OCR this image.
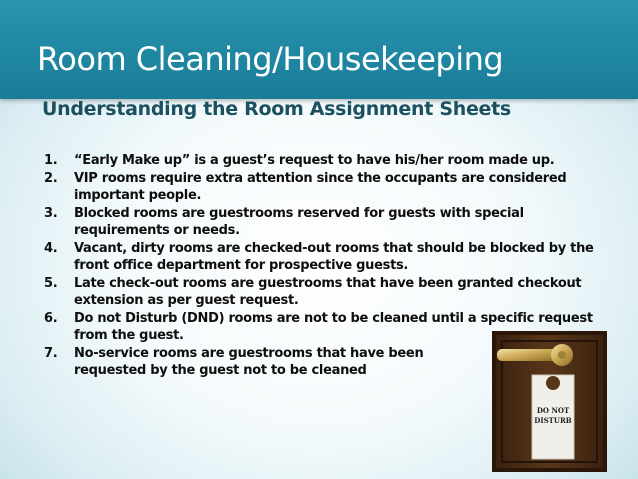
Room Cleaning/Housekeeping
Understanding the Room Assignment Sheets
1. “Early Make up” is a guest’s request to have his/her room made up.
2. VIP rooms require extra attention since the occupants are considered important people.
3. Blocked rooms are guestrooms reserved for guests with special requirements or needs.
4. Vacant, dirty rooms are checked-out rooms that should be blocked by the front office department for prospective guests.
5. Late check-out rooms are guestrooms that have been granted checkout extension as per guest request.
6. Do not Disturb (DND) rooms are not to be cleaned until a specific request from the guest.
7. No-service rooms are guestrooms that have been requested by the guest not to be cleaned
DO NOT
DISTURB
